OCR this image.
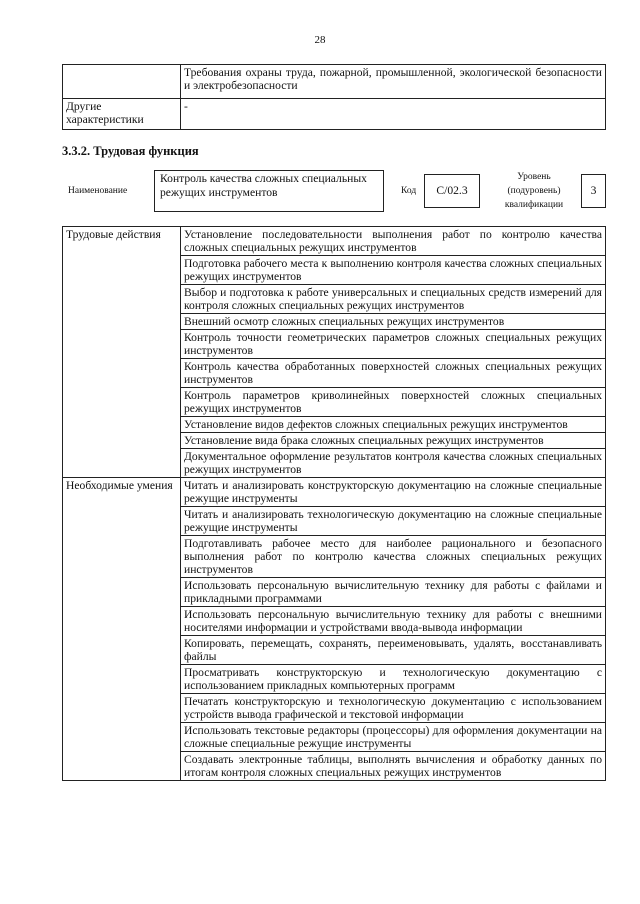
28
	Требования охраны труда, пожарной, промышленной, экологической безопасности и электробезопасности
Другие характеристики	-
3.3.2. Трудовая функция
Наименование
Контроль качества сложных специальных режущих инструментов	Код	C/02.3
Уровень (подуровень) квалификации
3
Трудовые действия	Установление последовательности выполнения работ по контролю качества сложных специальных режущих инструментов
	Подготовка рабочего места к выполнению контроля качества сложных специальных режущих инструментов
	Выбор и подготовка к работе универсальных и специальных средств измерений для контроля сложных специальных режущих инструментов
	Внешний осмотр сложных специальных режущих инструментов
	Контроль точности геометрических параметров сложных специальных режущих инструментов
	Контроль качества обработанных поверхностей сложных специальных режущих инструментов
	Контроль параметров криволинейных поверхностей сложных специальных режущих инструментов
	Установление видов дефектов сложных специальных режущих инструментов
	Установление вида брака сложных специальных режущих инструментов
	Документальное оформление результатов контроля качества сложных специальных режущих инструментов
Необходимые умения	Читать и анализировать конструкторскую документацию на сложные специальные режущие инструменты
	Читать и анализировать технологическую документацию на сложные специальные режущие инструменты
	Подготавливать рабочее место для наиболее рационального и безопасного выполнения работ по контролю качества сложных специальных режущих инструментов
	Использовать персональную вычислительную технику для работы с файлами и прикладными программами
	Использовать персональную вычислительную технику для работы с внешними носителями информации и устройствами ввода-вывода информации
	Копировать, перемещать, сохранять, переименовывать, удалять, восстанавливать файлы
	Просматривать конструкторскую и технологическую документацию с использованием прикладных компьютерных программ
	Печатать конструкторскую и технологическую документацию с использованием устройств вывода графической и текстовой информации
	Использовать текстовые редакторы (процессоры) для оформления документации на сложные специальные режущие инструменты
	Создавать электронные таблицы, выполнять вычисления и обработку данных по итогам контроля сложных специальных режущих инструментов
